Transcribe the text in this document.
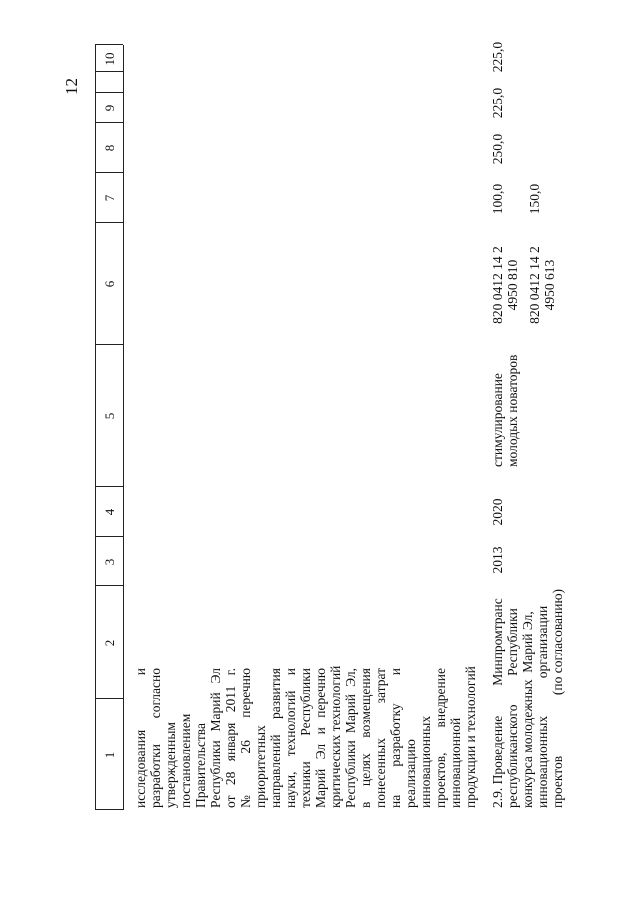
12
1
2
3
4
5
6
7
8
9
10
исследования и разработки согласно утвержденным постановлением Правительства Республики Марий Эл от 28 января 2011 г. № 26 перечню приоритетных направлений развития науки, технологий и техники Республики Марий Эл и перечню критических технологий Республики Марий Эл, в целях возмещения понесенных затрат на разработку и реализацию инновационных проектов, внедрение инновационной продукции и технологий 2.9. Проведение республиканского конкурса молодежных инновационных проектов
Минпромтранс Республики Марий Эл, организации (по согласованию)
2013
2020
стимулирование молодых новаторов
820 0412 14 2 4950 810 820 0412 14 2 4950 613
100,0 150,0
250,0
225,0
225,0
